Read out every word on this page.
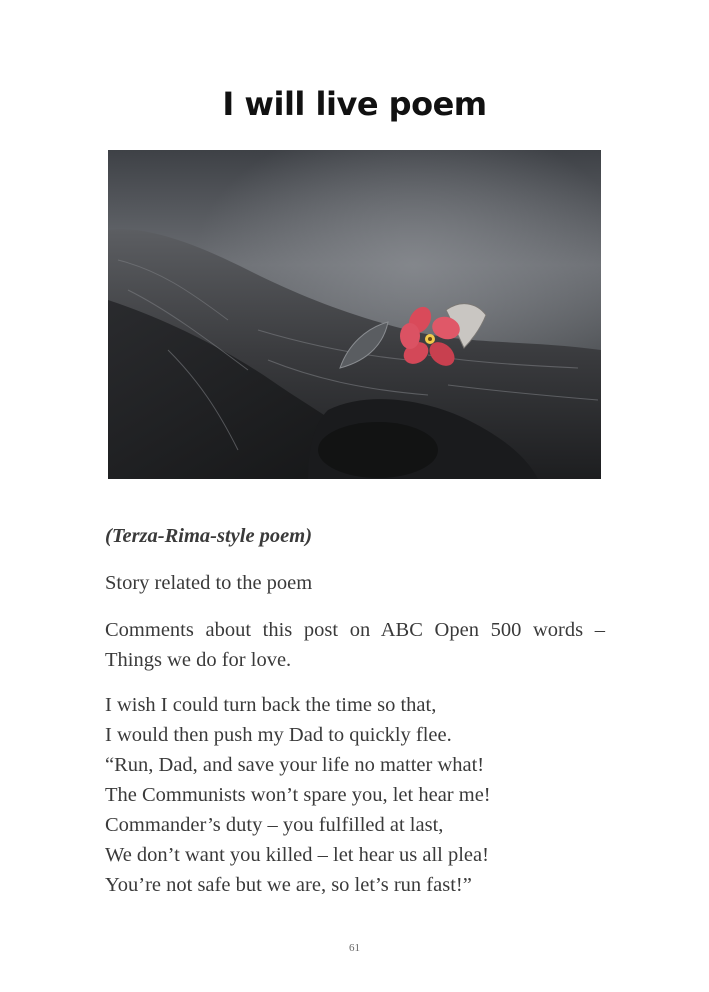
I will live poem

(Terza-Rima-style poem)

Story related to the poem

Comments about this post on ABC Open 500 words – Things we do for love.

I wish I could turn back the time so that,
I would then push my Dad to quickly flee.
“Run, Dad, and save your life no matter what!
The Communists won’t spare you, let hear me!
Commander’s duty – you fulfilled at last,
We don’t want you killed – let hear us all plea!
You’re not safe but we are, so let’s run fast!”
61
